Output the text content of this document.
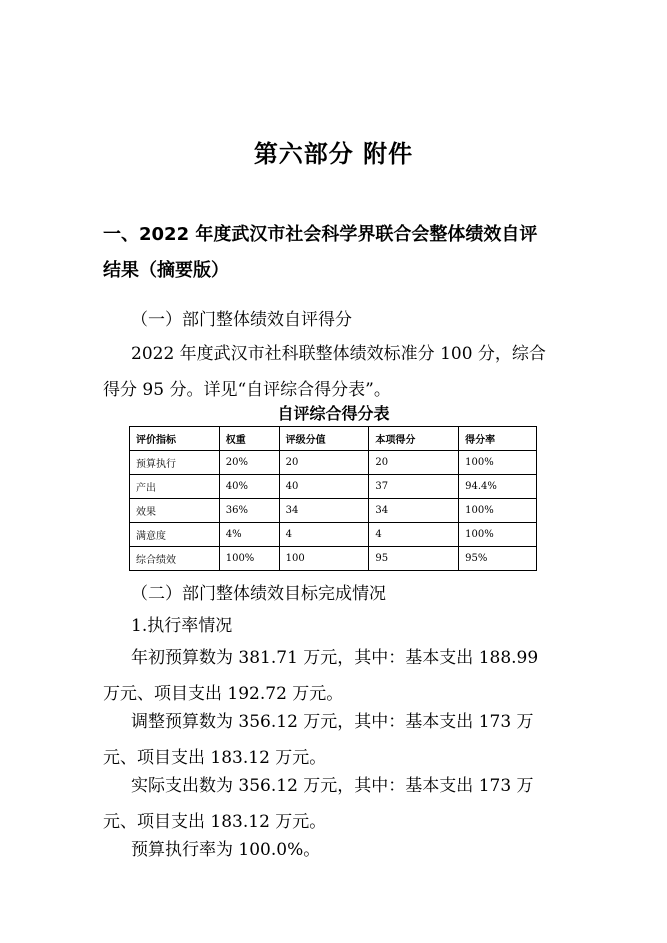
第六部分 附件
一、2022 年度武汉市社会科学界联合会整体绩效自评
结果（摘要版）

（一）部门整体绩效自评得分

2022 年度武汉市社科联整体绩效标准分 100 分，综合
得分 95 分。详见“自评综合得分表”。

自评综合得分表
评价指标	权重	评级分值	本项得分	得分率
预算执行	20%	20	20	100%
产出	40%	40	37	94.4%
效果	36%	34	34	100%
满意度	4%	4	4	100%
综合绩效	100%	100	95	95%

（二）部门整体绩效目标完成情况

1.执行率情况

年初预算数为 381.71 万元，其中：基本支出 188.99
万元、项目支出 192.72 万元。

调整预算数为 356.12 万元，其中：基本支出 173 万
元、项目支出 183.12 万元。

实际支出数为 356.12 万元，其中：基本支出 173 万
元、项目支出 183.12 万元。

预算执行率为 100.0%。
